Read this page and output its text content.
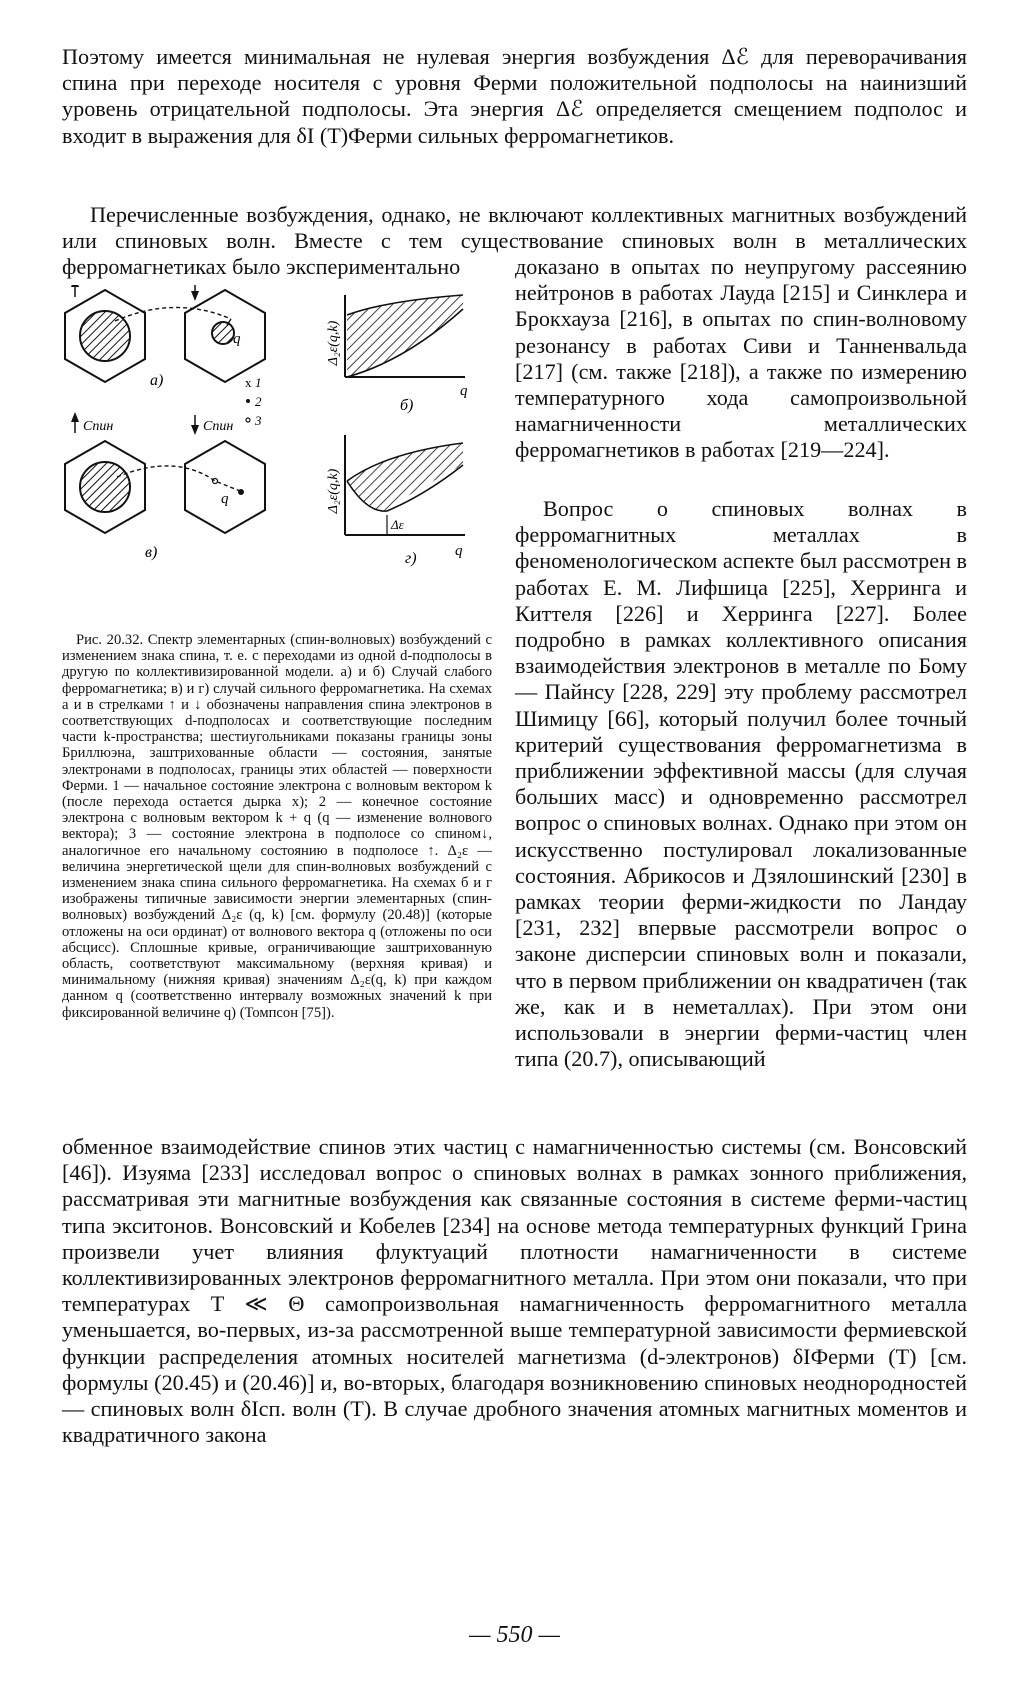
Поэтому имеется минимальная не нулевая энергия возбуждения Δℰ для переворачивания спина при переходе носителя с уровня Ферми положительной подполосы на наинизший уровень отрицательной подполосы. Эта энергия Δℰ определяется смещением подполос и входит в выражения для δI (T)Ферми сильных ферромагнетиков.

Перечисленные возбуждения, однако, не включают коллективных магнитных возбуждений или спиновых волн. Вместе с тем существование спиновых волн в металлических ферромагнетиках было экспериментально	доказано в опытах по неупругому рассеянию нейтронов в работах Лауда [215] и Синклера и Брокхауза [216], в опытах по спин-волновому резонансу в работах Сиви и Танненвальда [217] (см. также [218]), а также по измерению температурного хода самопроизвольной намагниченности металлических ферромагнетиков в работах [219—224].

Вопрос о спиновых волнах в ферромагнитных металлах в феноменологическом аспекте был рассмотрен в работах Е. М. Лифшица [225], Херринга и Киттеля [226] и Херринга [227]. Более подробно в рамках коллективного описания взаимодействия электронов в металле по Бому — Пайнсу [228, 229] эту проблему рассмотрел Шимицу [66], который получил более точный критерий существования ферромагнетизма в приближении эффективной массы (для случая больших масс) и одновременно рассмотрел вопрос о спиновых волнах. Однако при этом он искусственно постулировал локализованные состояния. Абрикосов и Дзялошинский [230] в рамках теории ферми-жидкости по Ландау [231, 232] впервые рассмотрели вопрос о законе дисперсии спиновых волн и показали, что в первом приближении он квадратичен (так же, как и в неметаллах). При этом они использовали в энергии ферми-частиц член типа (20.7), описывающий

обменное взаимодействие спинов этих частиц с намагниченностью системы (см. Вонсовский [46]). Изуяма [233] исследовал вопрос о спиновых волнах в рамках зонного приближения, рассматривая эти магнитные возбуждения как связанные состояния в системе ферми-частиц типа экситонов. Вонсовский и Кобелев [234] на основе метода температурных функций Грина произвели учет влияния флуктуаций плотности намагниченности в системе коллективизированных электронов ферромагнитного металла. При этом они показали, что при температурах T ≪ Θ самопроизвольная намагниченность ферромагнитного металла уменьшается, во-первых, из-за рассмотренной выше температурной зависимости фермиевской функции распределения атомных носителей магнетизма (d-электронов) δIФерми (T) [см. формулы (20.45) и (20.46)] и, во-вторых, благодаря возникновению спиновых неоднородностей — спиновых волн δIсп. волн (T). В случае дробного значения атомных магнитных моментов и квадратичного закона

q
а)	x 1
2
3
Δ₂ε(q,k)
q
б)
Спин	Спин
q
в)
Δε
Δ₂ε(q,k)
q
г)

Рис. 20.32. Спектр элементарных (спин-волновых) возбуждений с изменением знака спина, т. е. с переходами из одной d-подполосы в другую по коллективизированной модели. а) и б) Случай слабого ферромагнетика; в) и г) случай сильного ферромагнетика. На схемах а и в стрелками ↑ и ↓ обозначены направления спина электронов в соответствующих d-подполосах и соответствующие последним части k-пространства; шестиугольниками показаны границы зоны Бриллюэна, заштрихованные области — состояния, занятые электронами в подполосах, границы этих областей — поверхности Ферми. 1 — начальное состояние электрона с волновым вектором k (после перехода остается дырка x); 2 — конечное состояние электрона с волновым вектором k + q (q — изменение волнового вектора); 3 — состояние электрона в подполосе со спином↓, аналогичное его начальному состоянию в подполосе ↑. Δ₂ε — величина энергетической щели для спин-волновых возбуждений с изменением знака спина сильного ферромагнетика. На схемах б и г изображены типичные зависимости энергии элементарных (спин-волновых) возбуждений Δ₂ε (q, k) [см. формулу (20.48)] (которые отложены на оси ординат) от волнового вектора q (отложены по оси абсцисс). Сплошные кривые, ограничивающие заштрихованную область, соответствуют максимальному (верхняя кривая) и минимальному (нижняя кривая) значениям Δ₂ε(q, k) при каждом данном q (соответственно интервалу возможных значений k при фиксированной величине q) (Томпсон [75]).

— 550 —
